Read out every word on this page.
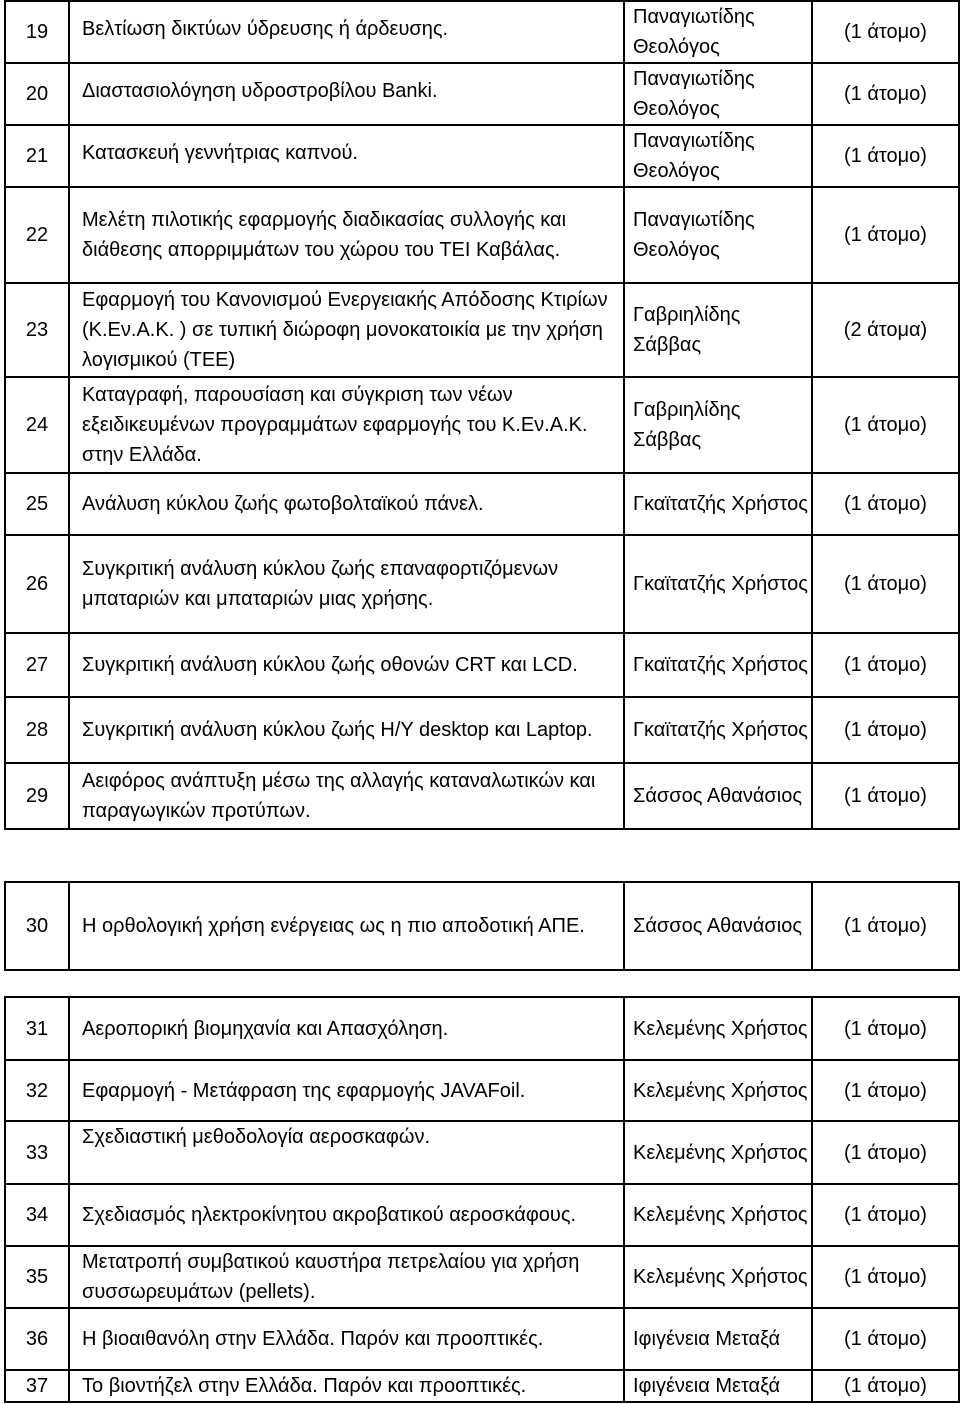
19	Βελτίωση δικτύων ύδρευσης ή άρδευσης.	Παναγιωτίδης Θεολόγος	(1 άτομο)
20	Διαστασιολόγηση υδροστροβίλου Banki.	Παναγιωτίδης Θεολόγος	(1 άτομο)
21	Κατασκευή γεννήτριας καπνού.	Παναγιωτίδης Θεολόγος	(1 άτομο)
22	Μελέτη πιλοτικής εφαρμογής διαδικασίας συλλογής και διάθεσης απορριμμάτων του χώρου του ΤΕΙ Καβάλας.	Παναγιωτίδης Θεολόγος	(1 άτομο)
23	Εφαρμογή του Κανονισμού Ενεργειακής Απόδοσης Κτιρίων (Κ.Εν.Α.Κ. ) σε τυπική διώροφη μονοκατοικία με την χρήση λογισμικού (ΤΕΕ)	Γαβριηλίδης Σάββας	(2 άτομα)
24	Καταγραφή, παρουσίαση και σύγκριση των νέων εξειδικευμένων προγραμμάτων εφαρμογής του Κ.Εν.Α.Κ. στην Ελλάδα.	Γαβριηλίδης Σάββας	(1 άτομο)
25	Ανάλυση κύκλου ζωής φωτοβολταϊκού πάνελ.	Γκαϊτατζής Χρήστος	(1 άτομο)
26	Συγκριτική ανάλυση κύκλου ζωής επαναφορτιζόμενων μπαταριών και μπαταριών μιας χρήσης.	Γκαϊτατζής Χρήστος	(1 άτομο)
27	Συγκριτική ανάλυση κύκλου ζωής οθονών CRT και LCD.	Γκαϊτατζής Χρήστος	(1 άτομο)
28	Συγκριτική ανάλυση κύκλου ζωής Η/Υ desktop και Laptop.	Γκαϊτατζής Χρήστος	(1 άτομο)
29	Αειφόρος ανάπτυξη μέσω της αλλαγής καταναλωτικών και παραγωγικών προτύπων.	Σάσσος Αθανάσιος	(1 άτομο)
30	Η ορθολογική χρήση ενέργειας ως η πιο αποδοτική ΑΠΕ.	Σάσσος Αθανάσιος	(1 άτομο)
31	Αεροπορική βιομηχανία και Απασχόληση.	Κελεμένης Χρήστος	(1 άτομο)
32	Εφαρμογή - Μετάφραση της εφαρμογής JAVAFoil.	Κελεμένης Χρήστος	(1 άτομο)
33	Σχεδιαστική μεθοδολογία αεροσκαφών.	Κελεμένης Χρήστος	(1 άτομο)
34	Σχεδιασμός ηλεκτροκίνητου ακροβατικού αεροσκάφους.	Κελεμένης Χρήστος	(1 άτομο)
35	Μετατροπή συμβατικού καυστήρα πετρελαίου για χρήση συσσωρευμάτων (pellets).	Κελεμένης Χρήστος	(1 άτομο)
36	Η βιοαιθανόλη στην Ελλάδα. Παρόν και προοπτικές.	Ιφιγένεια Μεταξά	(1 άτομο)
37	Το βιοντήζελ στην Ελλάδα. Παρόν και προοπτικές.	Ιφιγένεια Μεταξά	(1 άτομο)
